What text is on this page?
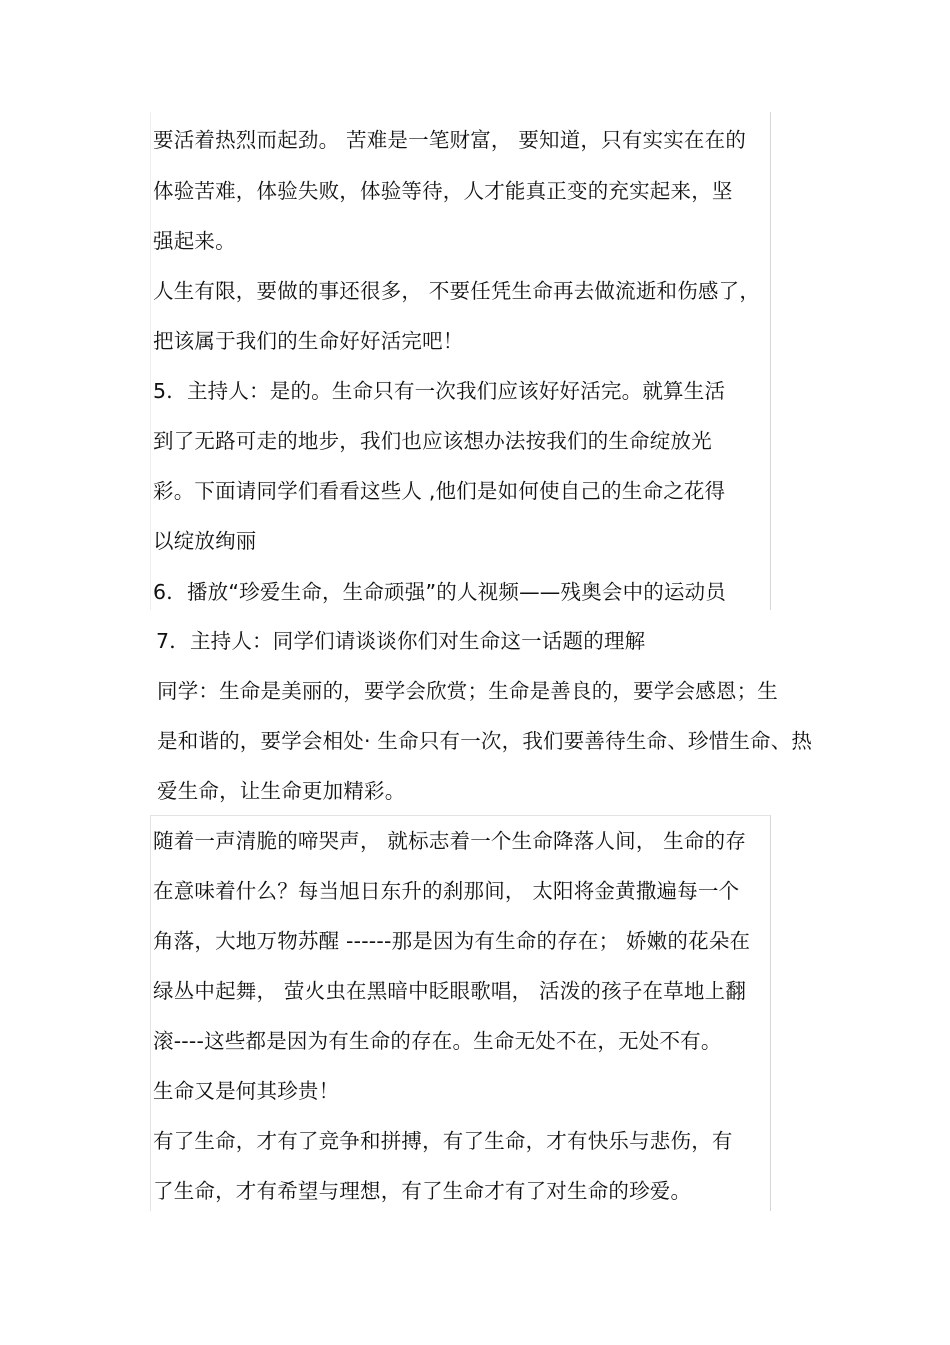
要活着热烈而起劲。 苦难是一笔财富， 要知道，只有实实在在的
体验苦难，体验失败，体验等待，人才能真正变的充实起来，坚
强起来。
人生有限，要做的事还很多， 不要任凭生命再去做流逝和伤感了，
把该属于我们的生命好好活完吧！
5．主持人：是的。生命只有一次我们应该好好活完。就算生活
到了无路可走的地步，我们也应该想办法按我们的生命绽放光
彩。下面请同学们看看这些人 ,他们是如何使自己的生命之花得
以绽放绚丽
6．播放“珍爱生命，生命顽强”的人视频——残奥会中的运动员
7．主持人：同学们请谈谈你们对生命这一话题的理解
同学：生命是美丽的，要学会欣赏；生命是善良的，要学会感恩；生
是和谐的，要学会相处· 生命只有一次，我们要善待生命、珍惜生命、热
爱生命，让生命更加精彩。
随着一声清脆的啼哭声， 就标志着一个生命降落人间， 生命的存
在意味着什么？每当旭日东升的刹那间， 太阳将金黄撒遍每一个
角落，大地万物苏醒 ------那是因为有生命的存在； 娇嫩的花朵在
绿丛中起舞， 萤火虫在黑暗中眨眼歌唱， 活泼的孩子在草地上翻
滚----这些都是因为有生命的存在。生命无处不在，无处不有。
生命又是何其珍贵！
有了生命，才有了竞争和拼搏，有了生命，才有快乐与悲伤，有
了生命，才有希望与理想，有了生命才有了对生命的珍爱。
